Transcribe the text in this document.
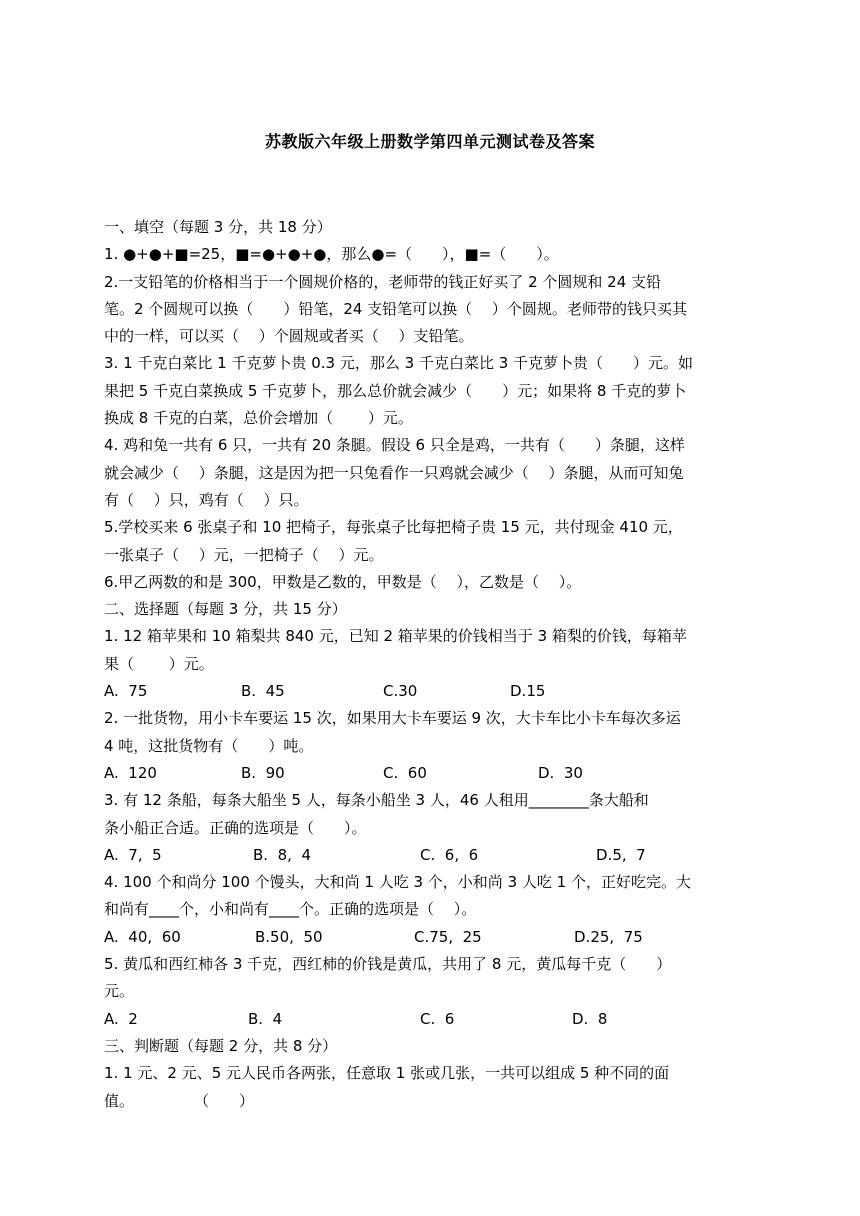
苏教版六年级上册数学第四单元测试卷及答案
一、填空（每题 3 分，共 18 分）
1. ●+●+■=25，■=●+●+●，那么●=（　　），■=（　　）。
2.一支铅笔的价格相当于一个圆规价格的，老师带的钱正好买了 2 个圆规和 24 支铅
笔。2 个圆规可以换（　　）铅笔，24 支铅笔可以换（　 ）个圆规。老师带的钱只买其
中的一样，可以买（　 ）个圆规或者买（　 ）支铅笔。
3. 1 千克白菜比 1 千克萝卜贵 0.3 元，那么 3 千克白菜比 3 千克萝卜贵（　　）元。如
果把 5 千克白菜换成 5 千克萝卜，那么总价就会减少（　　）元；如果将 8 千克的萝卜
换成 8 千克的白菜，总价会增加（　　 ）元。
4. 鸡和兔一共有 6 只，一共有 20 条腿。假设 6 只全是鸡，一共有（　　）条腿，这样
就会减少（　 ）条腿，这是因为把一只兔看作一只鸡就会减少（　 ）条腿，从而可知兔
有（　 ）只，鸡有（　 ）只。
5.学校买来 6 张桌子和 10 把椅子，每张桌子比每把椅子贵 15 元，共付现金 410 元，
一张桌子（　 ）元，一把椅子（　 ）元。
6.甲乙两数的和是 300，甲数是乙数的，甲数是（　 ），乙数是（　 ）。
二、选择题（每题 3 分，共 15 分）
1. 12 箱苹果和 10 箱梨共 840 元，已知 2 箱苹果的价钱相当于 3 箱梨的价钱，每箱苹
果（　　 ）元。

A.  75

	B.  45

	C.30

	D.15

2. 一批货物，用小卡车要运 15 次，如果用大卡车要运 9 次，大卡车比小卡车每次多运
4 吨，这批货物有（　　）吨。

A.  120

	B.  90

	C.  60

	D.  30

3. 有 12 条船，每条大船坐 5 人，每条小船坐 3 人，46 人租用________条大船和
条小船正合适。正确的选项是（　　）。

A.  7,  5

	B.  8,  4

	C.  6,  6

	D.5,  7

4. 100 个和尚分 100 个馒头，大和尚 1 人吃 3 个，小和尚 3 人吃 1 个，正好吃完。大
和尚有____个，小和尚有____个。正确的选项是（　 ）。

A.  40,  60

	B.50,  50

	C.75,  25

	D.25,  75

5. 黄瓜和西红柿各 3 千克，西红柿的价钱是黄瓜，共用了 8 元，黄瓜每千克（　　）
元。

A.  2

	B.  4

	C.  6

	D.  8

三、判断题（每题 2 分，共 8 分）
1. 1 元、2 元、5 元人民币各两张，任意取 1 张或几张，一共可以组成 5 种不同的面
值。　　　　　（　　）
